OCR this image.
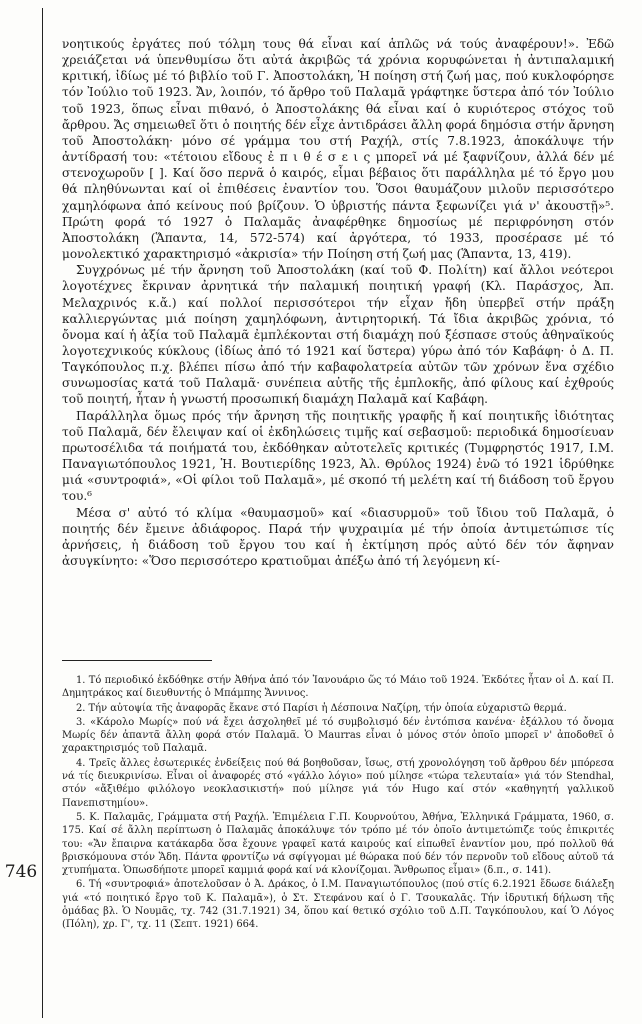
746

νοητικούς ἐργάτες πού τόλμη τους θά εἶναι καί ἁπλῶς νά τούς ἀναφέρουν!». Ἐδῶ χρειάζεται νά ὑπενθυμίσω ὅτι αὐτά ἀκριβῶς τά χρόνια κορυφώνεται ἡ ἀντιπαλαμική κριτική, ἰδίως μέ τό βιβλίο τοῦ Γ. Ἀποστολάκη, Ἡ ποίηση στή ζωή μας, πού κυκλοφόρησε τόν Ἰούλιο τοῦ 1923. Ἄν, λοιπόν, τό ἄρθρο τοῦ Παλαμᾶ γράφτηκε ὕστερα ἀπό τόν Ἰούλιο τοῦ 1923, ὅπως εἶναι πιθανό, ὁ Ἀποστολάκης θά εἶναι καί ὁ κυριότερος στόχος τοῦ ἄρθρου. Ἄς σημειωθεῖ ὅτι ὁ ποιητής δέν εἶχε ἀντιδράσει ἄλλη φορά δημόσια στήν ἄρνηση τοῦ Ἀποστολάκη· μόνο σέ γράμμα του στή Ραχήλ, στίς 7.8.1923, ἀποκάλυψε τήν ἀντίδρασή του: «τέτοιου εἴδους ἐ π ι θ έ σ ε ι ς μπορεῖ νά μέ ξαφνίζουν, ἀλλά δέν μέ στενοχωροῦν [ ]. Καί ὅσο περνᾶ ὁ καιρός, εἶμαι βέβαιος ὅτι παράλληλα μέ τό ἔργο μου θά πληθύνωνται καί οἱ ἐπιθέσεις ἐναντίον του. Ὅσοι θαυμάζουν μιλοῦν περισσότερο χαμηλόφωνα ἀπό κείνους πού βρίζουν. Ὁ ὑβριστής πάντα ξεφωνίζει γιά ν' ἀκουστῇ»⁵. Πρώτη φορά τό 1927 ὁ Παλαμᾶς ἀναφέρθηκε δημοσίως μέ περιφρόνηση στόν Ἀποστολάκη (Ἅπαντα, 14, 572-574) καί ἀργότερα, τό 1933, προσέρασε μέ τό μονολεκτικό χαρακτηρισμό «ἀκρισία» τήν Ποίηση στή ζωή μας (Ἅπαντα, 13, 419).

Συγχρόνως μέ τήν ἄρνηση τοῦ Ἀποστολάκη (καί τοῦ Φ. Πολίτη) καί ἄλλοι νεότεροι λογοτέχνες ἔκριναν ἀρνητικά τήν παλαμική ποιητική γραφή (Κλ. Παράσχος, Ἀπ. Μελαχρινός κ.ἄ.) καί πολλοί περισσότεροι τήν εἶχαν ἤδη ὑπερβεῖ στήν πράξη καλλιεργώντας μιά ποίηση χαμηλόφωνη, ἀντιρητορική. Τά ἴδια ἀκριβῶς χρόνια, τό ὄνομα καί ἡ ἀξία τοῦ Παλαμᾶ ἐμπλέκονται στή διαμάχη πού ξέσπασε στούς ἀθηναϊκούς λογοτεχνικούς κύκλους (ἰδίως ἀπό τό 1921 καί ὕστερα) γύρω ἀπό τόν Καβάφη· ὁ Δ. Π. Ταγκόπουλος π.χ. βλέπει πίσω ἀπό τήν καβαφολατρεία αὐτῶν τῶν χρόνων ἕνα σχέδιο συνωμοσίας κατά τοῦ Παλαμᾶ· συνέπεια αὐτῆς τῆς ἐμπλοκῆς, ἀπό φίλους καί ἐχθρούς τοῦ ποιητή, ἦταν ἡ γνωστή προσωπική διαμάχη Παλαμᾶ καί Καβάφη.

Παράλληλα ὅμως πρός τήν ἄρνηση τῆς ποιητικῆς γραφῆς ἤ καί ποιητικῆς ἰδιότητας τοῦ Παλαμᾶ, δέν ἔλειψαν καί οἱ ἐκδηλώσεις τιμῆς καί σεβασμοῦ: περιοδικά δημοσίευαν πρωτοσέλιδα τά ποιήματά του, ἐκδόθηκαν αὐτοτελεῖς κριτικές (Τυμφρηστός 1917, Ι.Μ. Παναγιωτόπουλος 1921, Ἡ. Βουτιερίδης 1923, Ἀλ. Θρύλος 1924) ἐνῶ τό 1921 ἱδρύθηκε μιά «συντροφιά», «Οἱ φίλοι τοῦ Παλαμᾶ», μέ σκοπό τή μελέτη καί τή διάδοση τοῦ ἔργου του.⁶

Μέσα σ' αὐτό τό κλίμα «θαυμασμοῦ» καί «διασυρμοῦ» τοῦ ἴδιου τοῦ Παλαμᾶ, ὁ ποιητής δέν ἔμεινε ἀδιάφορος. Παρά τήν ψυχραιμία μέ τήν ὁποία ἀντιμετώπισε τίς ἀρνήσεις, ἡ διάδοση τοῦ ἔργου του καί ἡ ἐκτίμηση πρός αὐτό δέν τόν ἄφηναν ἀσυγκίνητο: «Ὅσο περισσότερο κρατιοῦμαι ἀπέξω ἀπό τή λεγόμενη κί-

1. Τό περιοδικό ἐκδόθηκε στήν Ἀθήνα ἀπό τόν Ἰανουάριο ὥς τό Μάιο τοῦ 1924. Ἐκδότες ἦταν οἱ Δ. καί Π. Δημητράκος καί διευθυντής ὁ Μπάμπης Ἄννινος.

2. Τήν αὐτοψία τῆς ἀναφορᾶς ἔκανε στό Παρίσι ἡ Δέσποινα Ναζίρη, τήν ὁποία εὐχαριστῶ θερμά.

3. «Κάρολο Μωρίς» πού νά ἔχει ἀσχοληθεῖ μέ τό συμβολισμό δέν ἐντόπισα κανένα· ἐξάλλου τό ὄνομα Μωρίς δέν ἀπαντᾶ ἄλλη φορά στόν Παλαμᾶ. Ὁ Maurras εἶναι ὁ μόνος στόν ὁποῖο μπορεῖ ν' ἀποδοθεῖ ὁ χαρακτηρισμός τοῦ Παλαμᾶ.

4. Τρεῖς ἄλλες ἐσωτερικές ἐνδείξεις πού θά βοηθοῦσαν, ἴσως, στή χρονολόγηση τοῦ ἄρθρου δέν μπόρεσα νά τίς διευκρινίσω. Εἶναι οἱ ἀναφορές στό «γάλλο λόγιο» πού μίλησε «τώρα τελευταία» γιά τόν Stendhal, στόν «ἄξιθέμο φιλόλογο νεοκλασικιστή» πού μίλησε γιά τόν Hugo καί στόν «καθηγητή γαλλικοῦ Πανεπιστημίου».

5. Κ. Παλαμᾶς, Γράμματα στή Ραχήλ. Ἐπιμέλεια Γ.Π. Κουρνούτου, Ἀθήνα, Ἑλληνικά Γράμματα, 1960, σ. 175. Καί σέ ἄλλη περίπτωση ὁ Παλαμᾶς ἀποκάλυψε τόν τρόπο μέ τόν ὁποῖο ἀντιμετώπιζε τούς ἐπικριτές του: «Ἄν ἔπαιρνα κατάκαρδα ὅσα ἔχουνε γραφεῖ κατά καιρούς καί εἰπωθεῖ ἐναντίον μου, πρό πολλοῦ θά βρισκόμουνα στόν Ἅδη. Πάντα φροντίζω νά σφίγγομαι μέ θώρακα πού δέν τόν περνοῦν τοῦ εἴδους αὐτοῦ τά χτυπήματα. Ὁπωσδήποτε μπορεῖ καμμιά φορά καί νά κλονίζομαι. Ἄνθρωπος εἶμαι» (δ.π., σ. 141).

6. Τή «συντροφιά» ἀποτελοῦσαν ὁ Ἀ. Δράκος, ὁ Ι.Μ. Παναγιωτόπουλος (πού στίς 6.2.1921 ἔδωσε διάλεξη γιά «τό ποιητικό ἔργο τοῦ Κ. Παλαμᾶ»), ὁ Στ. Στεφάνου καί ὁ Γ. Τσουκαλᾶς. Τήν ἱδρυτική δήλωση τῆς ὁμάδας βλ. Ὁ Νουμᾶς, τχ. 742 (31.7.1921) 34, ὅπου καί θετικό σχόλιο τοῦ Δ.Π. Ταγκόπουλου, καί Ὁ Λόγος (Πόλη), χρ. Γ', τχ. 11 (Σεπτ. 1921) 664.
